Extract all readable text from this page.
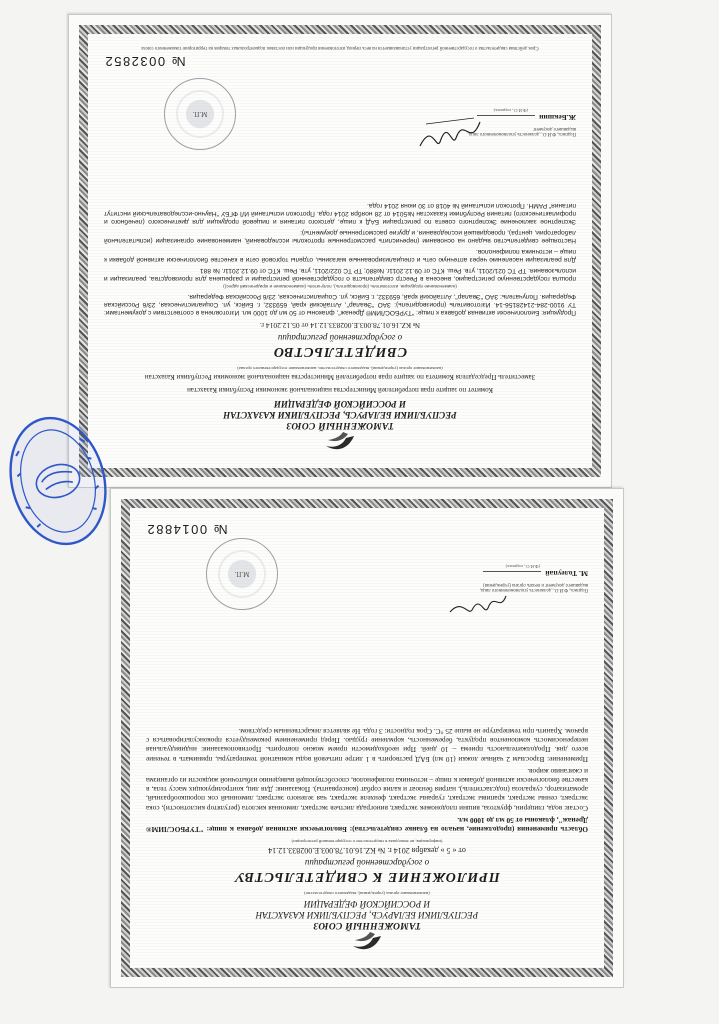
ТАМОЖЕННЫЙ СОЮЗ
РЕСПУБЛИКИ БЕЛАРУСЬ, РЕСПУБЛИКИ КАЗАХСТАН
И РОССИЙСКОЙ ФЕДЕРАЦИИ
Комитет по защите прав потребителей Министерства национальной экономики Республики Казахстан
Заместитель Председателя Комитета по защите прав потребителей Министерства национальной экономики Республики Казахстан
(наименование органа (учреждения), выдавшего свидетельство, наименование государственного органа)
СВИДЕТЕЛЬСТВО
о государственной регистрации
№ KZ.16.01.78.003.E.002833.12.14 от 05.12.2014 г.

Продукция: Биологически активная добавка к пище: "ТУРБОСЛИМ® Дренаж", флаконы от 50 мл до 1000 мл. Изготовлена в соответствии с документами: ТУ 9100-284-21428156-14. Изготовитель (производитель): ЗАО "Эвалар", Алтайский край, 659332, г. Бийск, ул. Социалистическая, 23/6 Российская Федерация. Получатель: ЗАО "Эвалар", Алтайский край, 659332, г. Бийск, ул. Социалистическая, 23/6 Российская Федерация.

(наименование продукции, изготовитель (производитель), получатель (наименование и юридический адрес))

прошла государственную регистрацию, внесена в Реестр свидетельств о государственной регистрации и разрешена для производства, реализации и использования. ТР ТС 021/2011, утв. Реш. КТС от 09.12.2011г. №880; ТР ТС 022/2011, утв. Реш. КТС от 09.12.2011г. № 881

Для реализации населению через аптечную сеть и специализированные магазины, отделы торговой сети в качестве биологически активной добавки к пище – источника полифенолов.

Настоящее свидетельство выдано на основании (перечислить рассмотренные протоколы исследований, наименование организации (испытательной лаборатории, центра), проводившей исследования, и другие рассмотренные документы):

Экспертное заключение Экспертного совета по регистрации БАД к пище, детского питания и пищевой продукции для диетического (лечебного и профилактического) питания Республики Казахстан №5014 от 28 ноября 2014 года. Протокол испытаний ИЛ ФГБУ "Научно-исследовательский институт питания" РАМН. Протокол испытаний № 4018 от 30 июня 2014 года.

Подпись, Ф.И.О., должность уполномоченного лица, выдавшего документ
Ж.Бекшин
(Ф.И.О., подпись)
М.П.
№ 0032852
Срок действия свидетельства о государственной регистрации устанавливается на весь период изготовления продукции или поставок подконтрольных товаров на территорию таможенного союза
ТАМОЖЕННЫЙ СОЮЗ
РЕСПУБЛИКИ БЕЛАРУСЬ, РЕСПУБЛИКИ КАЗАХСТАН
И РОССИЙСКОЙ ФЕДЕРАЦИИ
(наименование органа (учреждения), выдавшего свидетельство)
ПРИЛОЖЕНИЕ К СВИДЕТЕЛЬСТВУ
о государственной регистрации
от « 5 » декабря 2014 г. № KZ.16.01.78.003.E.002833.12.14
(информация, не вошедшая в свидетельство о государственной регистрации)

Область применения (продолжение, начало на бланке свидетельства): Биологически активная добавка к пище: "ТУРБОСЛИМ® Дренаж", флаконы от 50 мл до 1000 мл.

Состав: вода, глицерин, фруктоза, вишни плодоножек экстракт, винограда листьев экстракт, лимонная кислота (регулятор кислотности), сока экстракт, сенны экстракт, крапивы экстракт, гуараны экстракт, фенхеля экстракт, чая зеленого экстракт, лимонный сок порошкообразный, ароматизатор, сукралоза (подсластитель), натрия бензоат и калия сорбат (консерванты). Показания: Для лиц, контролирующих массу тела, в качестве биологически активной добавки к пище – источника полифенолов, способствующей выведению избыточной жидкости из организма и сжиганию жиров.

Применение: Взрослым 2 чайные ложки (10 мл) БАД растворить в 1 литре питьевой воды комнатной температуры, принимать в течение всего дня. Продолжительность приема – 10 дней. При необходимости прием можно повторить. Противопоказания: индивидуальная непереносимость компонентов продукта, беременность, кормление грудью. Перед применением рекомендуется проконсультироваться с врачом. Хранить при температуре не выше 25 °С. Срок годности: 3 года. Не является лекарственным средством.

Подпись, Ф.И.О., должность уполномоченного лица, выдавшего документ и печать органа (учреждения)
М. Толеупай
(Ф.И.О., подпись)
М.П.
№ 0014882
